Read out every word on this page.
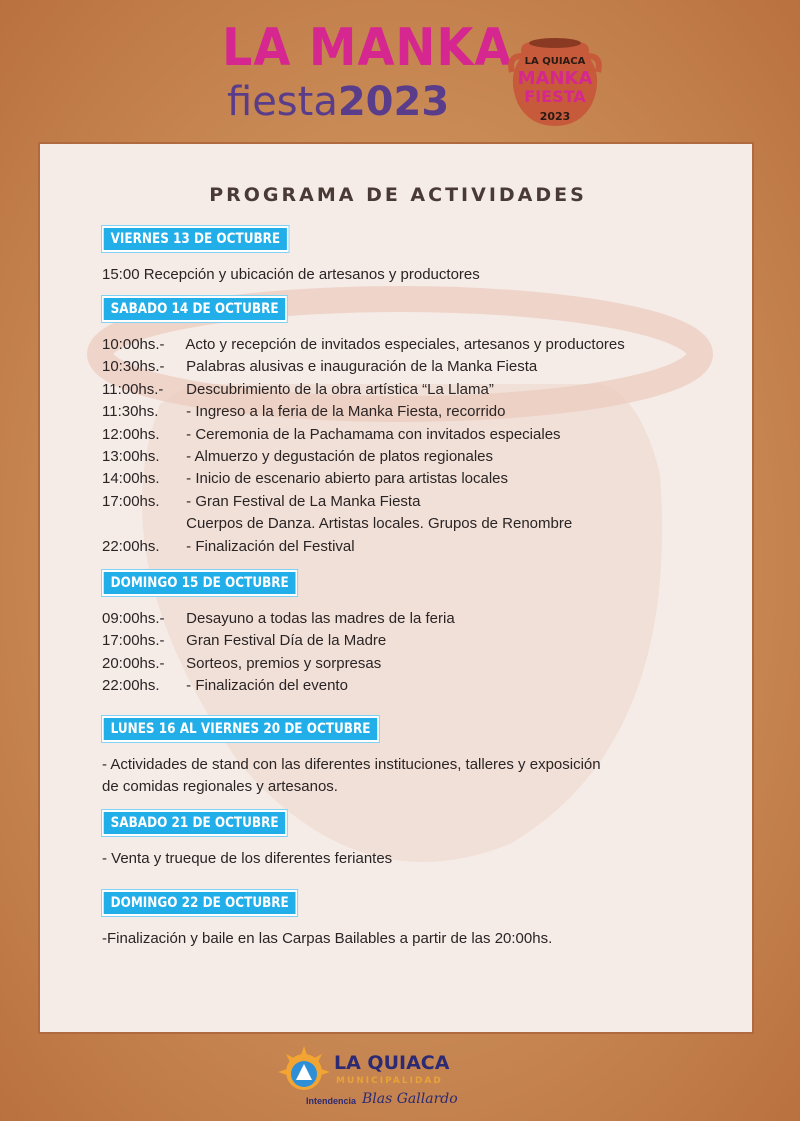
LA MANKA
fiesta2023
LA QUIACA
MANKA
FIESTA
2023
PROGRAMA DE ACTIVIDADES
VIERNES 13 DE OCTUBRE
15:00 Recepción y ubicación de artesanos y productores
SABADO 14 DE OCTUBRE
10:00hs.- Acto y recepción de invitados especiales, artesanos y productores
10:30hs.- Palabras alusivas e inauguración de la Manka Fiesta
11:00hs.- Descubrimiento de la obra artística “La Llama”
11:30hs. - Ingreso a la feria de la Manka Fiesta, recorrido
12:00hs. - Ceremonia de la Pachamama con invitados especiales
13:00hs. - Almuerzo y degustación de platos regionales
14:00hs. - Inicio de escenario abierto para artistas locales
17:00hs. - Gran Festival de La Manka Fiesta
Cuerpos de Danza. Artistas locales. Grupos de Renombre
22:00hs. - Finalización del Festival
DOMINGO 15 DE OCTUBRE
09:00hs.- Desayuno a todas las madres de la feria
17:00hs.- Gran Festival Día de la Madre
20:00hs.- Sorteos, premios y sorpresas
22:00hs. - Finalización del evento
LUNES 16 AL VIERNES 20 DE OCTUBRE
- Actividades de stand con las diferentes instituciones, talleres y exposición
de comidas regionales y artesanos.
SABADO 21 DE OCTUBRE
- Venta y trueque de los diferentes feriantes
DOMINGO 22 DE OCTUBRE
-Finalización y baile en las Carpas Bailables a partir de las 20:00hs.
LA QUIACA
MUNICIPALIDAD
Intendencia Blas Gallardo
